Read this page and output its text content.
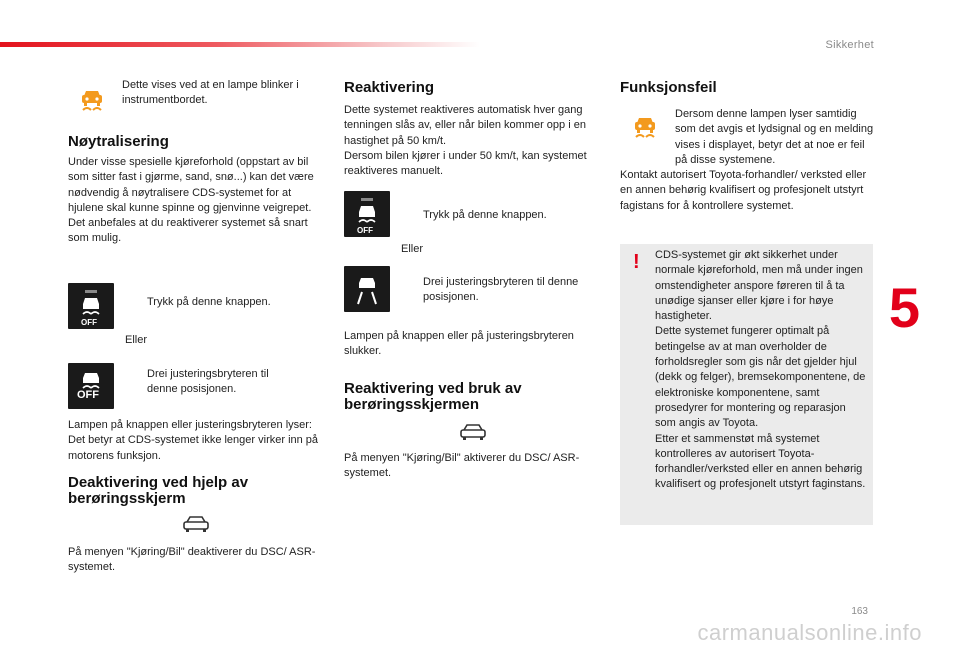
Sikkerhet
5

Dette vises ved at en lampe blinker i instrumentbordet.

Nøytralisering

Under visse spesielle kjøreforhold (oppstart av bil som sitter fast i gjørme, sand, snø...) kan det være nødvendig å nøytralisere CDS-systemet for at hjulene skal kunne spinne og gjenvinne veigrepet.
Det anbefales at du reaktiverer systemet så snart som mulig.

OFF
Trykk på denne knappen.

Eller

OFF
Drei justeringsbryteren til denne posisjonen.

Lampen på knappen eller justeringsbryteren lyser: Det betyr at CDS-systemet ikke lenger virker inn på motorens funksjon.

Deaktivering ved hjelp av berøringsskjerm

På menyen "Kjøring/Bil" deaktiverer du DSC/ ASR-systemet.

Reaktivering

Dette systemet reaktiveres automatisk hver gang tenningen slås av, eller når bilen kommer opp i en hastighet på 50 km/t.
Dersom bilen kjører i under 50 km/t, kan systemet reaktiveres manuelt.

OFF
Trykk på denne knappen.

Eller

Drei justeringsbryteren til denne posisjonen.

Lampen på knappen eller på justeringsbryteren slukker.

Reaktivering ved bruk av berøringsskjermen

På menyen "Kjøring/Bil" aktiverer du DSC/ ASR-systemet.

Funksjonsfeil

Dersom denne lampen lyser samtidig som det avgis et lydsignal og en melding vises i displayet, betyr det at noe er feil på disse systemene.

Kontakt autorisert Toyota-forhandler/ verksted eller en annen behørig kvalifisert og profesjonelt utstyrt fagistans for å kontrollere systemet.

! CDS-systemet gir økt sikkerhet under normale kjøreforhold, men må under ingen omstendigheter anspore føreren til å ta unødige sjanser eller kjøre i for høye hastigheter.
Dette systemet fungerer optimalt på betingelse av at man overholder de forholdsregler som gis når det gjelder hjul (dekk og felger), bremsekomponentene, de elektroniske komponentene, samt prosedyrer for montering og reparasjon som angis av Toyota.
Etter et sammenstøt må systemet kontrolleres av autorisert Toyota-forhandler/verksted eller en annen behørig kvalifisert og profesjonelt utstyrt faginstans.

163
carmanualsonline.info
